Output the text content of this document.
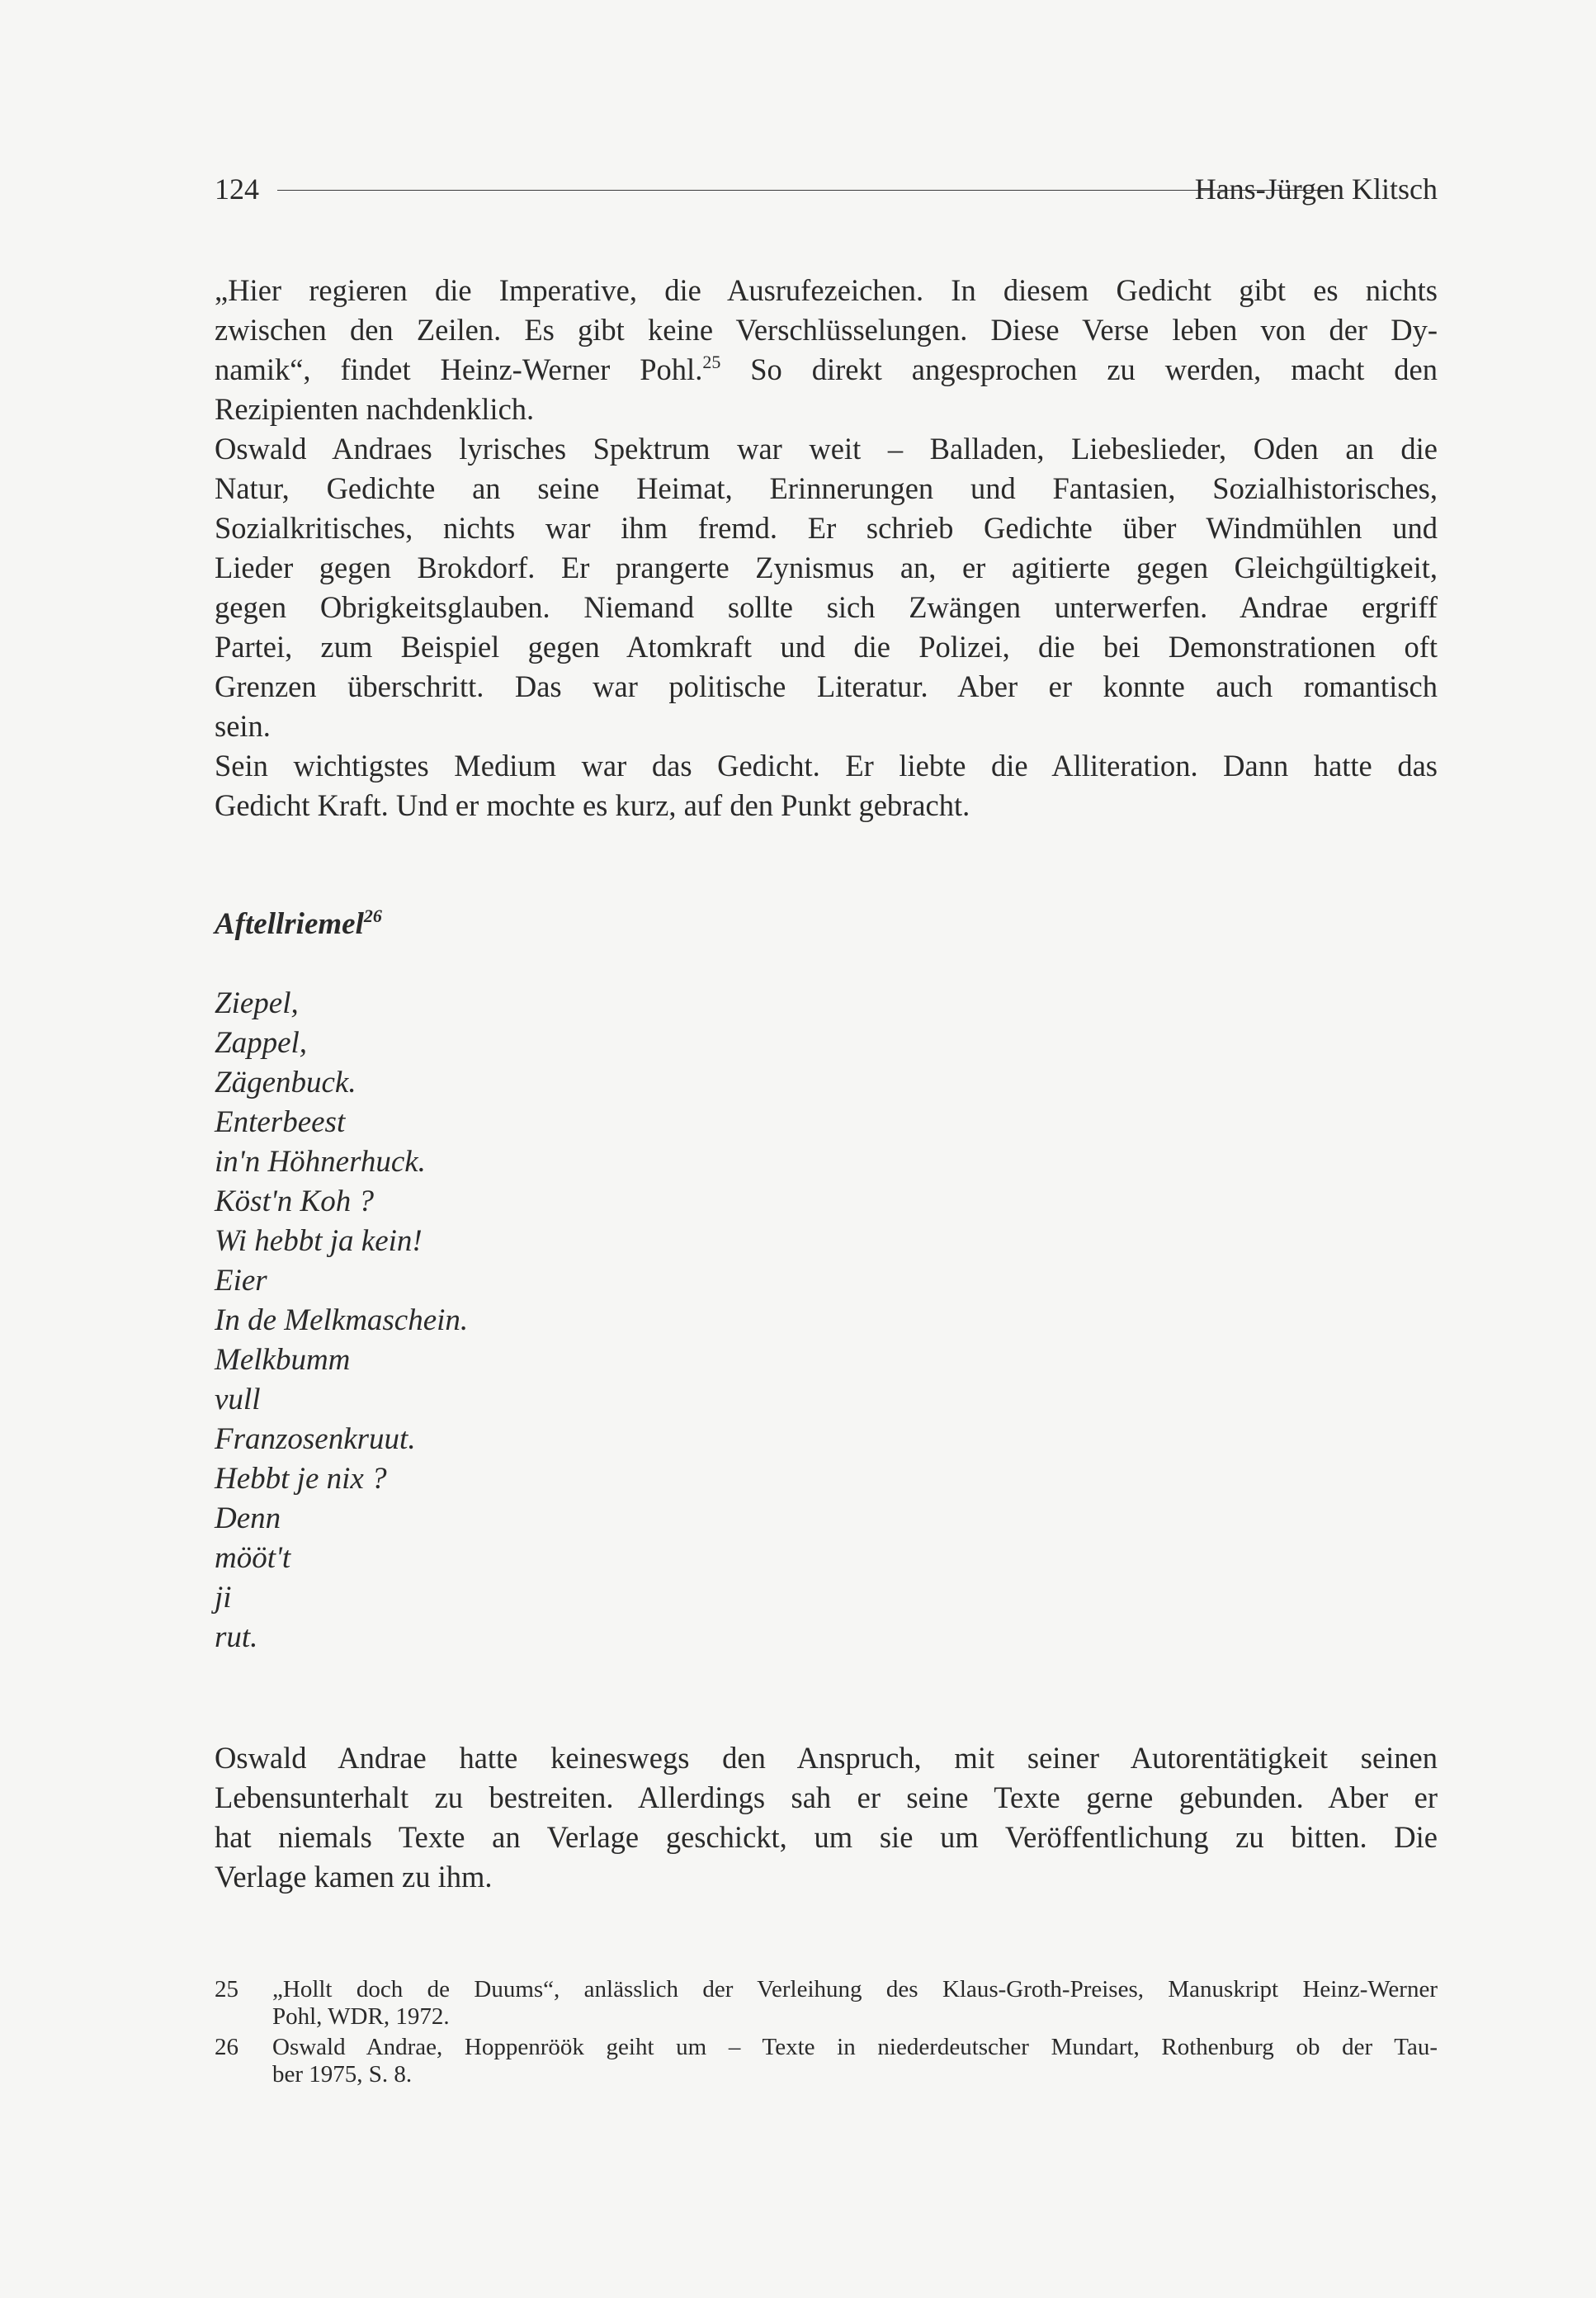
124	Hans-Jürgen Klitsch
„Hier regieren die Imperative, die Ausrufezeichen. In diesem Gedicht gibt es nichts
zwischen den Zeilen. Es gibt keine Verschlüsselungen. Diese Verse leben von der Dy-
namik“, findet Heinz-Werner Pohl.$^{25}$ So direkt angesprochen zu werden, macht den
Rezipienten nachdenklich.
Oswald Andraes lyrisches Spektrum war weit – Balladen, Liebeslieder, Oden an die
Natur, Gedichte an seine Heimat, Erinnerungen und Fantasien, Sozialhistorisches,
Sozialkritisches, nichts war ihm fremd. Er schrieb Gedichte über Windmühlen und
Lieder gegen Brokdorf. Er prangerte Zynismus an, er agitierte gegen Gleichgültigkeit,
gegen Obrigkeitsglauben. Niemand sollte sich Zwängen unterwerfen. Andrae ergriff
Partei, zum Beispiel gegen Atomkraft und die Polizei, die bei Demonstrationen oft
Grenzen überschritt. Das war politische Literatur. Aber er konnte auch romantisch
sein.
Sein wichtigstes Medium war das Gedicht. Er liebte die Alliteration. Dann hatte das
Gedicht Kraft. Und er mochte es kurz, auf den Punkt gebracht.
Aftellriemel$^{26}$
Ziepel,
Zappel,
Zägenbuck.
Enterbeest
in'n Höhnerhuck.
Köst'n Koh ?
Wi hebbt ja kein!
Eier
In de Melkmaschein.
Melkbumm
vull
Franzosenkruut.
Hebbt je nix ?
Denn
mööt't
ji
rut.
Oswald Andrae hatte keineswegs den Anspruch, mit seiner Autorentätigkeit seinen
Lebensunterhalt zu bestreiten. Allerdings sah er seine Texte gerne gebunden. Aber er
hat niemals Texte an Verlage geschickt, um sie um Veröffentlichung zu bitten. Die
Verlage kamen zu ihm.
25 „Hollt doch de Duums“, anlässlich der Verleihung des Klaus-Groth-Preises, Manuskript Heinz-Werner
Pohl, WDR, 1972.
26 Oswald Andrae, Hoppenröök geiht um – Texte in niederdeutscher Mundart, Rothenburg ob der Tau-
ber 1975, S. 8.
